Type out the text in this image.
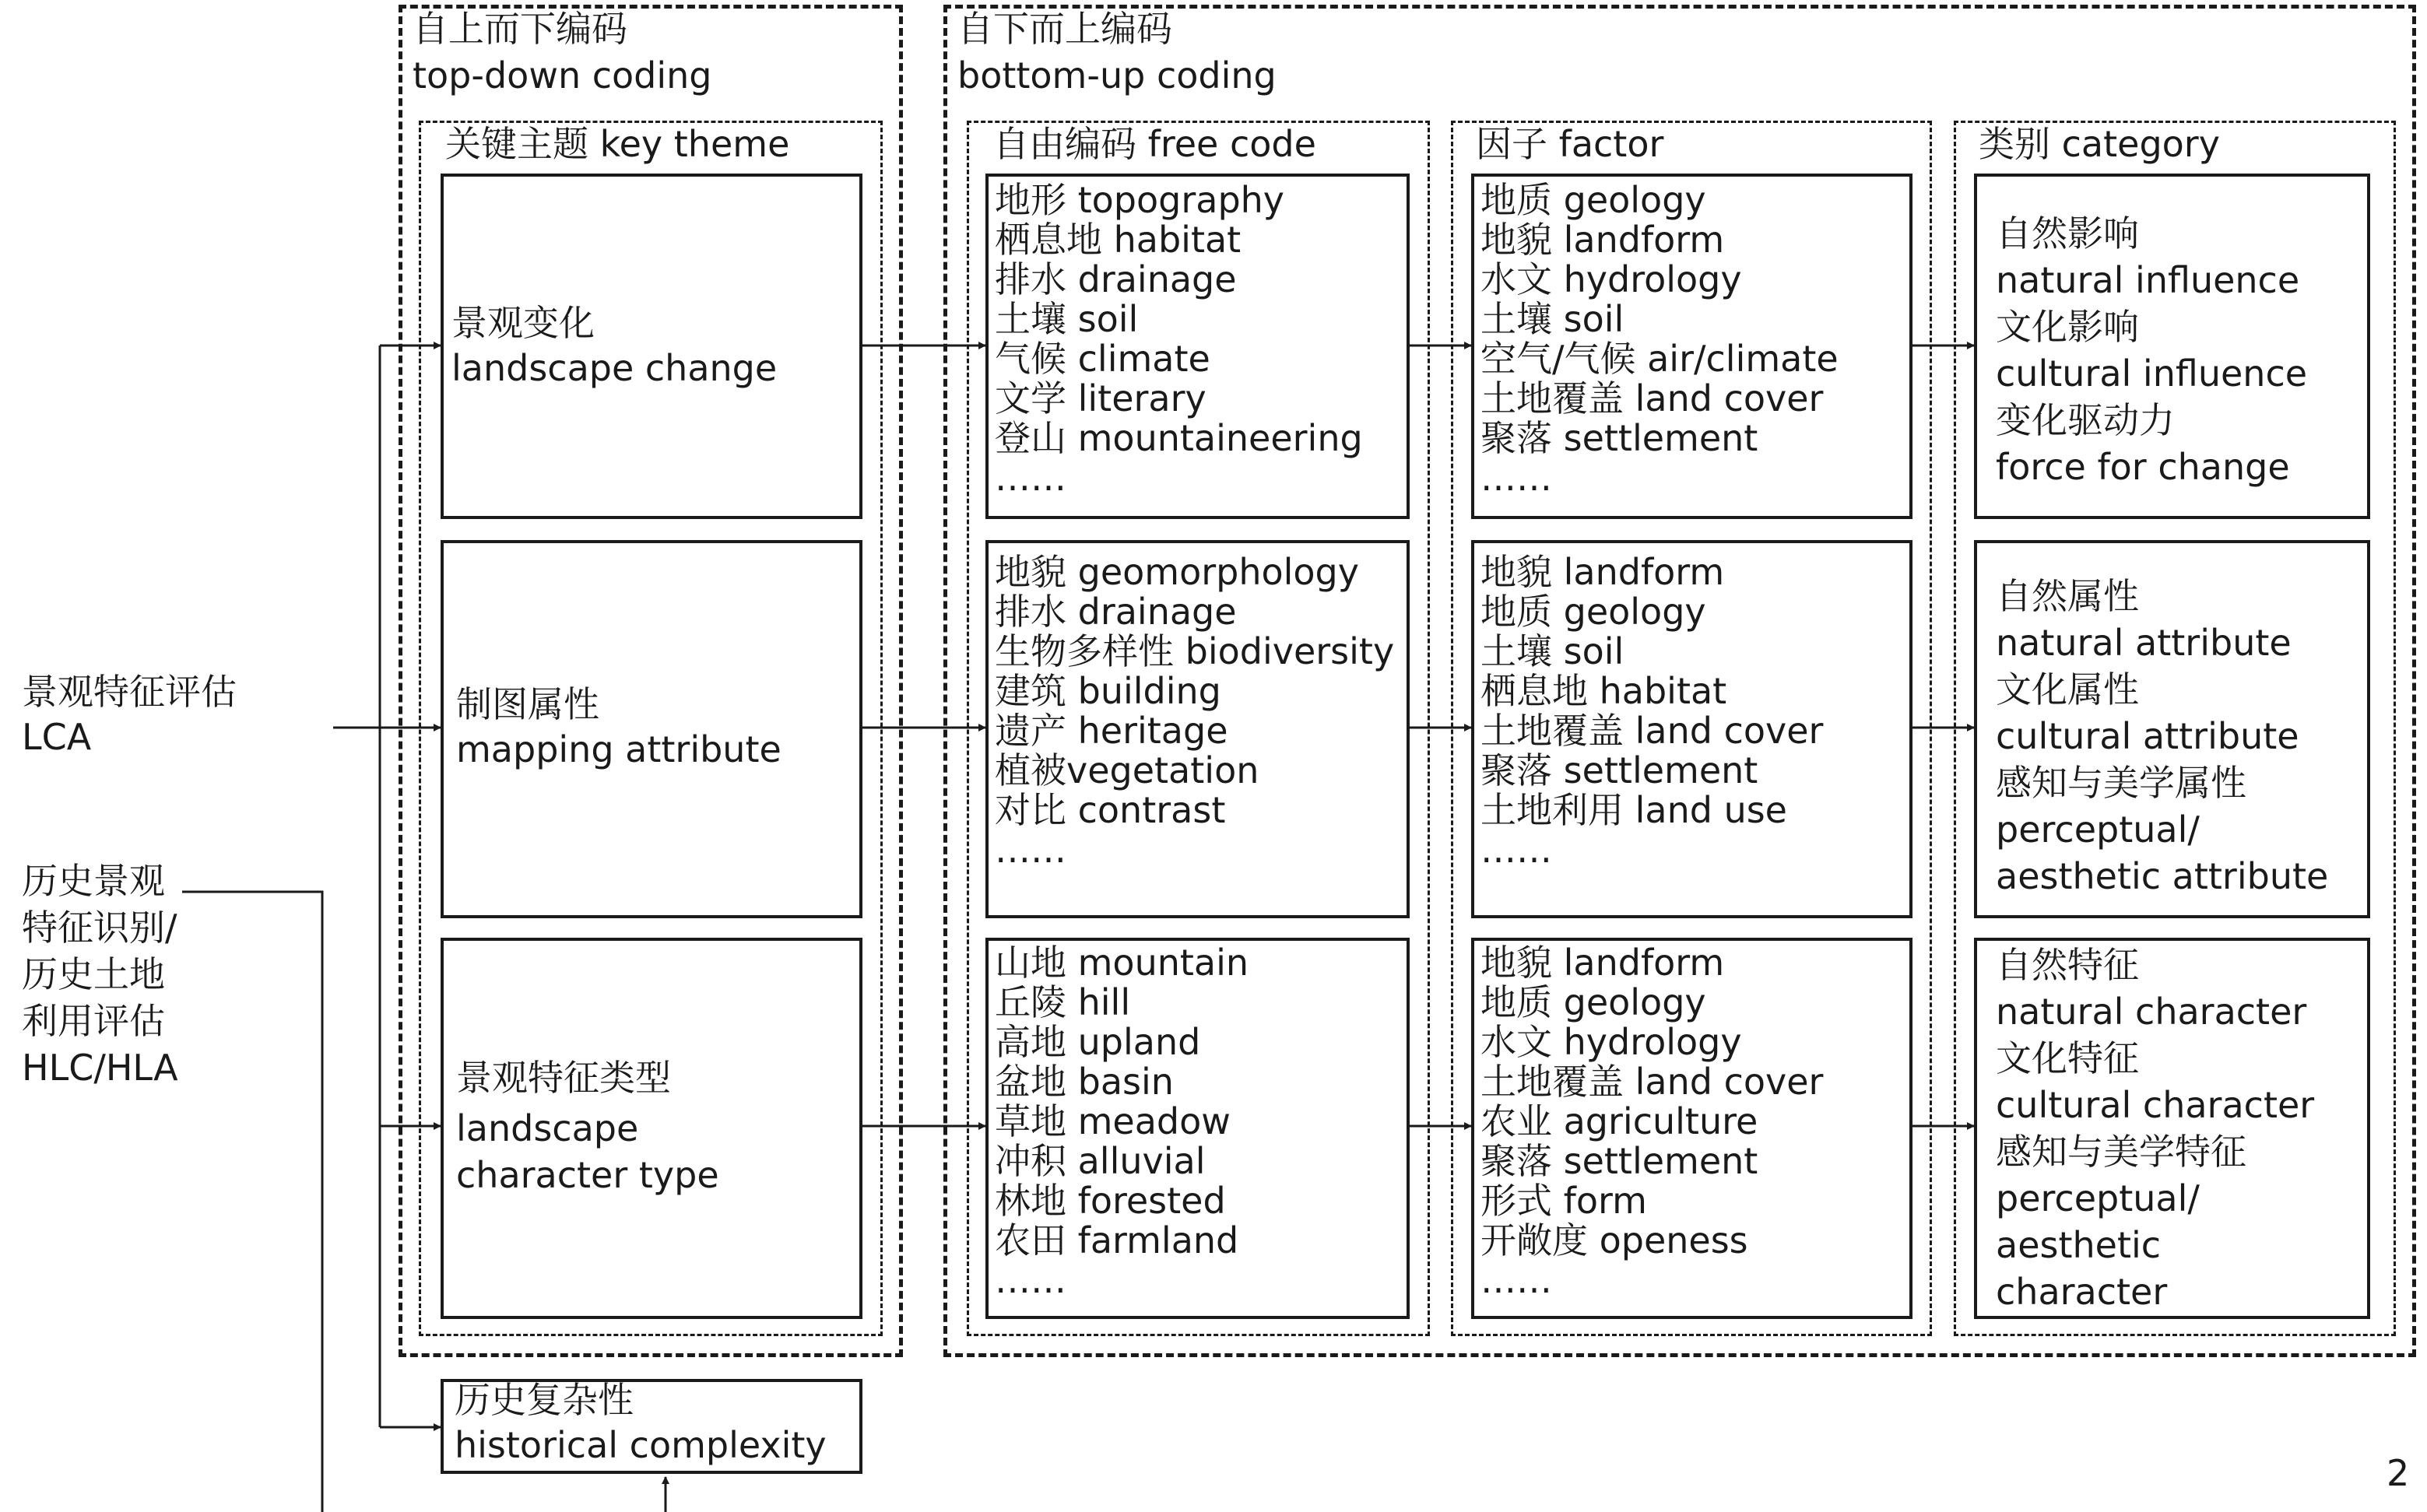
自上而下编码
top-down coding
关键主题 key theme
景观变化
landscape change
制图属性
mapping attribute
景观特征类型
landscape
character type
自下而上编码
bottom-up coding
自由编码 free code
地形 topography
栖息地 habitat
排水 drainage
土壤 soil
气候 climate
文学 literary
登山 mountaineering
……
地貌 geomorphology
排水 drainage
生物多样性 biodiversity
建筑 building
遗产 heritage
植被vegetation
对比 contrast
……
山地 mountain
丘陵 hill
高地 upland
盆地 basin
草地 meadow
冲积 alluvial
林地 forested
农田 farmland
……
因子 factor
地质 geology
地貌 landform
水文 hydrology
土壤 soil
空气/气候 air/climate
土地覆盖 land cover
聚落 settlement
……
地貌 landform
地质 geology
土壤 soil
栖息地 habitat
土地覆盖 land cover
聚落 settlement
土地利用 land use
……
地貌 landform
地质 geology
水文 hydrology
土地覆盖 land cover
农业 agriculture
聚落 settlement
形式 form
开敞度 openess
……
类别 category
自然影响
natural influence
文化影响
cultural influence
变化驱动力
force for change
自然属性
natural attribute
文化属性
cultural attribute
感知与美学属性
perceptual/
aesthetic attribute
自然特征
natural character
文化特征
cultural character
感知与美学特征
perceptual/
aesthetic
character
景观特征评估
LCA
历史景观
特征识别/
历史土地
利用评估
HLC/HLA
历史复杂性
historical complexity
2
